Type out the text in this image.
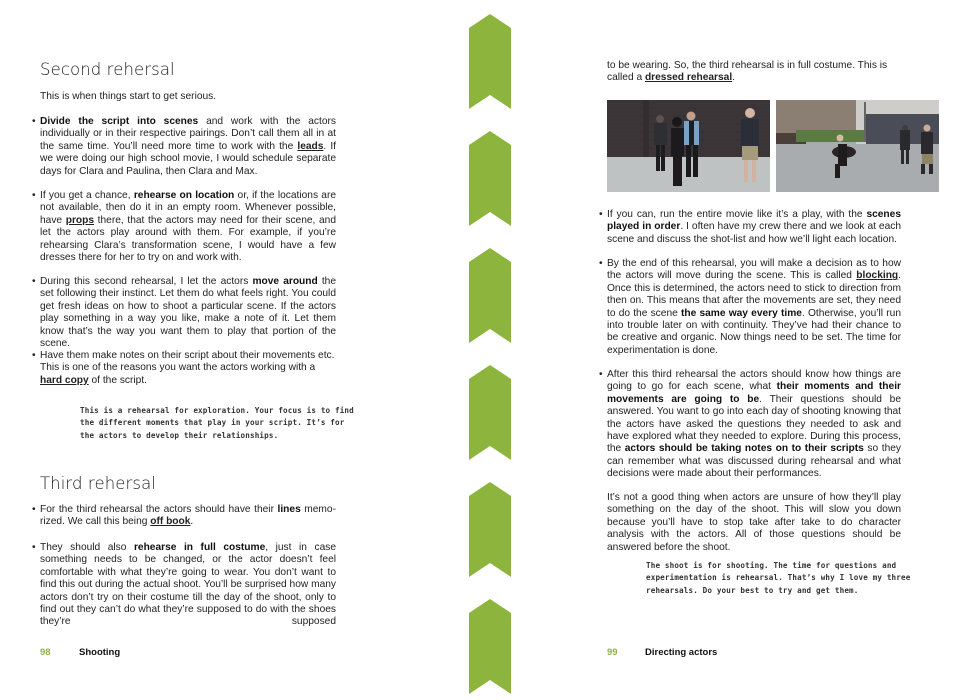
Second rehersal
This is when things start to get serious.
• Divide the script into scenes and work with the actors individually or in their respective pairings. Don’t call them all in at the same time. You’ll need more time to work with the leads. If we were doing our high school movie, I would schedule separate days for Clara and Paulina, then Clara and Max.
• If you get a chance, rehearse on location or, if the locations are not available, then do it in an empty room. Whenever possible, have props there, that the actors may need for their scene, and let the actors play around with them. For example, if you’re rehearsing Clara’s transformation scene, I would have a few dresses there for her to try on and work with.
• During this second rehearsal, I let the actors move around the set following their instinct. Let them do what feels right. You could get fresh ideas on how to shoot a particular scene. If the actors play something in a way you like, make a note of it. Let them know that’s the way you want them to play that portion of the scene.
• Have them make notes on their script about their movements etc. This is one of the reasons you want the actors working with a hard copy of the script.
This is a rehearsal for exploration. Your focus is to find
the different moments that play in your script. It’s for
the actors to develop their relationships.
Third rehersal
• For the third rehearsal the actors should have their lines memorized. We call this being off book.
• They should also rehearse in full costume, just in case something needs to be changed, or the actor doesn’t feel comfortable with what they’re going to wear. You don’t want to find this out during the actual shoot. You’ll be surprised how many actors don’t try on their costume till the day of the shoot, only to find out they can’t do what they’re supposed to do with the shoes they’re supposed
98	Shooting
to be wearing. So, the third rehearsal is in full costume. This is called a dressed rehearsal.
• If you can, run the entire movie like it’s a play, with the scenes played in order. I often have my crew there and we look at each scene and discuss the shot-list and how we’ll light each location.
• By the end of this rehearsal, you will make a decision as to how the actors will move during the scene. This is called blocking. Once this is determined, the actors need to stick to direction from then on. This means that after the movements are set, they need to do the scene the same way every time. Otherwise, you’ll run into trouble later on with continuity. They’ve had their chance to be creative and organic. Now things need to be set. The time for experimentation is done.
• After this third rehearsal the actors should know how things are going to go for each scene, what their moments and their movements are going to be. Their questions should be answered. You want to go into each day of shooting knowing that the actors have asked the questions they needed to ask and have explored what they needed to explore. During this process, the actors should be taking notes on to their scripts so they can remember what was discussed during rehearsal and what decisions were made about their performances.
It’s not a good thing when actors are unsure of how they’ll play something on the day of the shoot. This will slow you down because you’ll have to stop take after take to do character analysis with the actors. All of those questions should be answered before the shoot.
The shoot is for shooting. The time for questions and
experimentation is rehearsal. That’s why I love my three
rehearsals. Do your best to try and get them.
99	Directing actors
